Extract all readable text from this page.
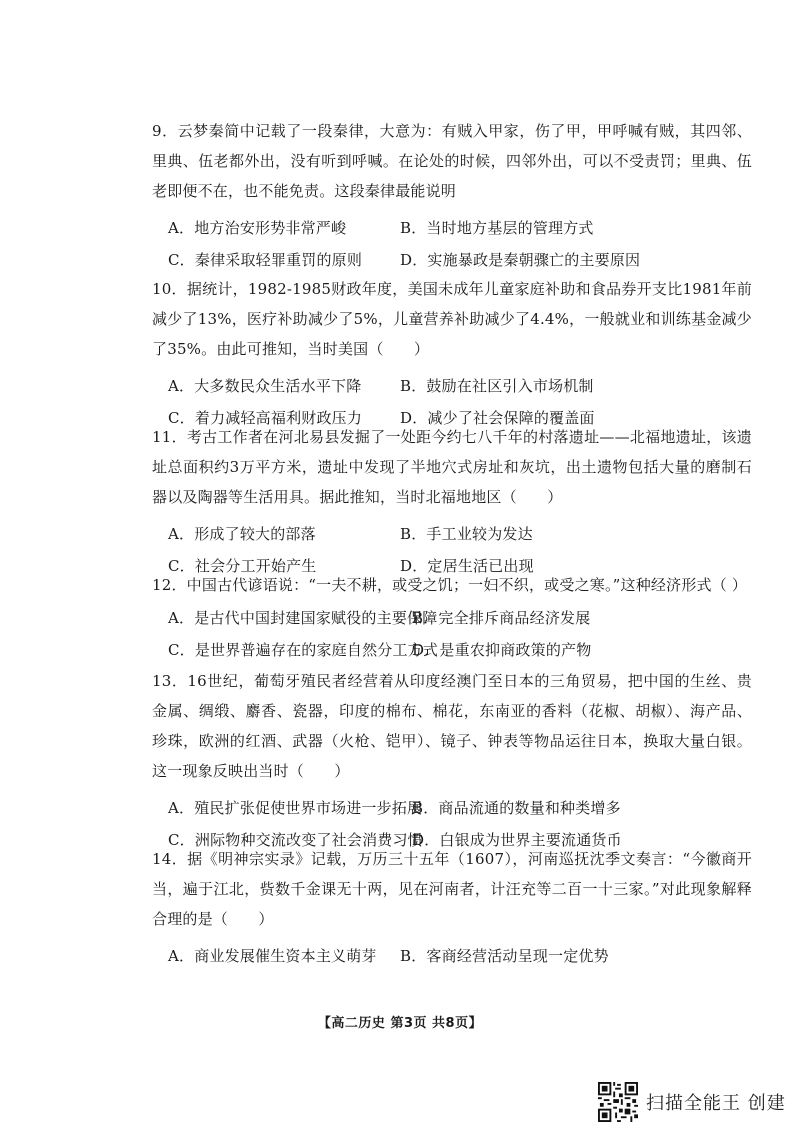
9．云梦秦简中记载了一段秦律，大意为：有贼入甲家，伤了甲，甲呼喊有贼，其四邻、里典、伍老都外出，没有听到呼喊。在论处的时候，四邻外出，可以不受责罚；里典、伍老即便不在，也不能免责。这段秦律最能说明

A．地方治安形势非常严峻	B．当时地方基层的管理方式
C．秦律采取轻罪重罚的原则	D．实施暴政是秦朝骤亡的主要原因

10．据统计，1982-1985财政年度，美国未成年儿童家庭补助和食品券开支比1981年前减少了13%，医疗补助减少了5%，儿童营养补助减少了4.4%，一般就业和训练基金减少了35%。由此可推知，当时美国（　　）

A．大多数民众生活水平下降	B．鼓励在社区引入市场机制
C．着力减轻高福利财政压力	D．减少了社会保障的覆盖面

11．考古工作者在河北易县发掘了一处距今约七八千年的村落遗址——北福地遗址，该遗址总面积约3万平方米，遗址中发现了半地穴式房址和灰坑，出土遗物包括大量的磨制石器以及陶器等生活用具。据此推知，当时北福地地区（　　）

A．形成了较大的部落	B．手工业较为发达
C．社会分工开始产生	D．定居生活已出现

12．中国古代谚语说：“一夫不耕，或受之饥；一妇不织，或受之寒。”这种经济形式（ ）

A．是古代中国封建国家赋役的主要保障
B．完全排斥商品经济发展
C．是世界普遍存在的家庭自然分工方式
D．是重农抑商政策的产物

13．16世纪，葡萄牙殖民者经营着从印度经澳门至日本的三角贸易，把中国的生丝、贵金属、绸缎、麝香、瓷器，印度的棉布、棉花，东南亚的香料（花椒、胡椒）、海产品、珍珠，欧洲的红酒、武器（火枪、铠甲）、镜子、钟表等物品运往日本，换取大量白银。这一现象反映出当时（　　）

A．殖民扩张促使世界市场进一步拓展
B．商品流通的数量和种类增多
C．洲际物种交流改变了社会消费习惯
D．白银成为世界主要流通货币

14．据《明神宗实录》记载，万历三十五年（1607），河南巡抚沈季文奏言：“今徽商开当，遍于江北，赀数千金课无十两，见在河南者，计汪充等二百一十三家。”对此现象解释合理的是（　　）

A．商业发展催生资本主义萌芽	B．客商经营活动呈现一定优势
【高二历史 第3页 共8页】
扫描全能王 创建
